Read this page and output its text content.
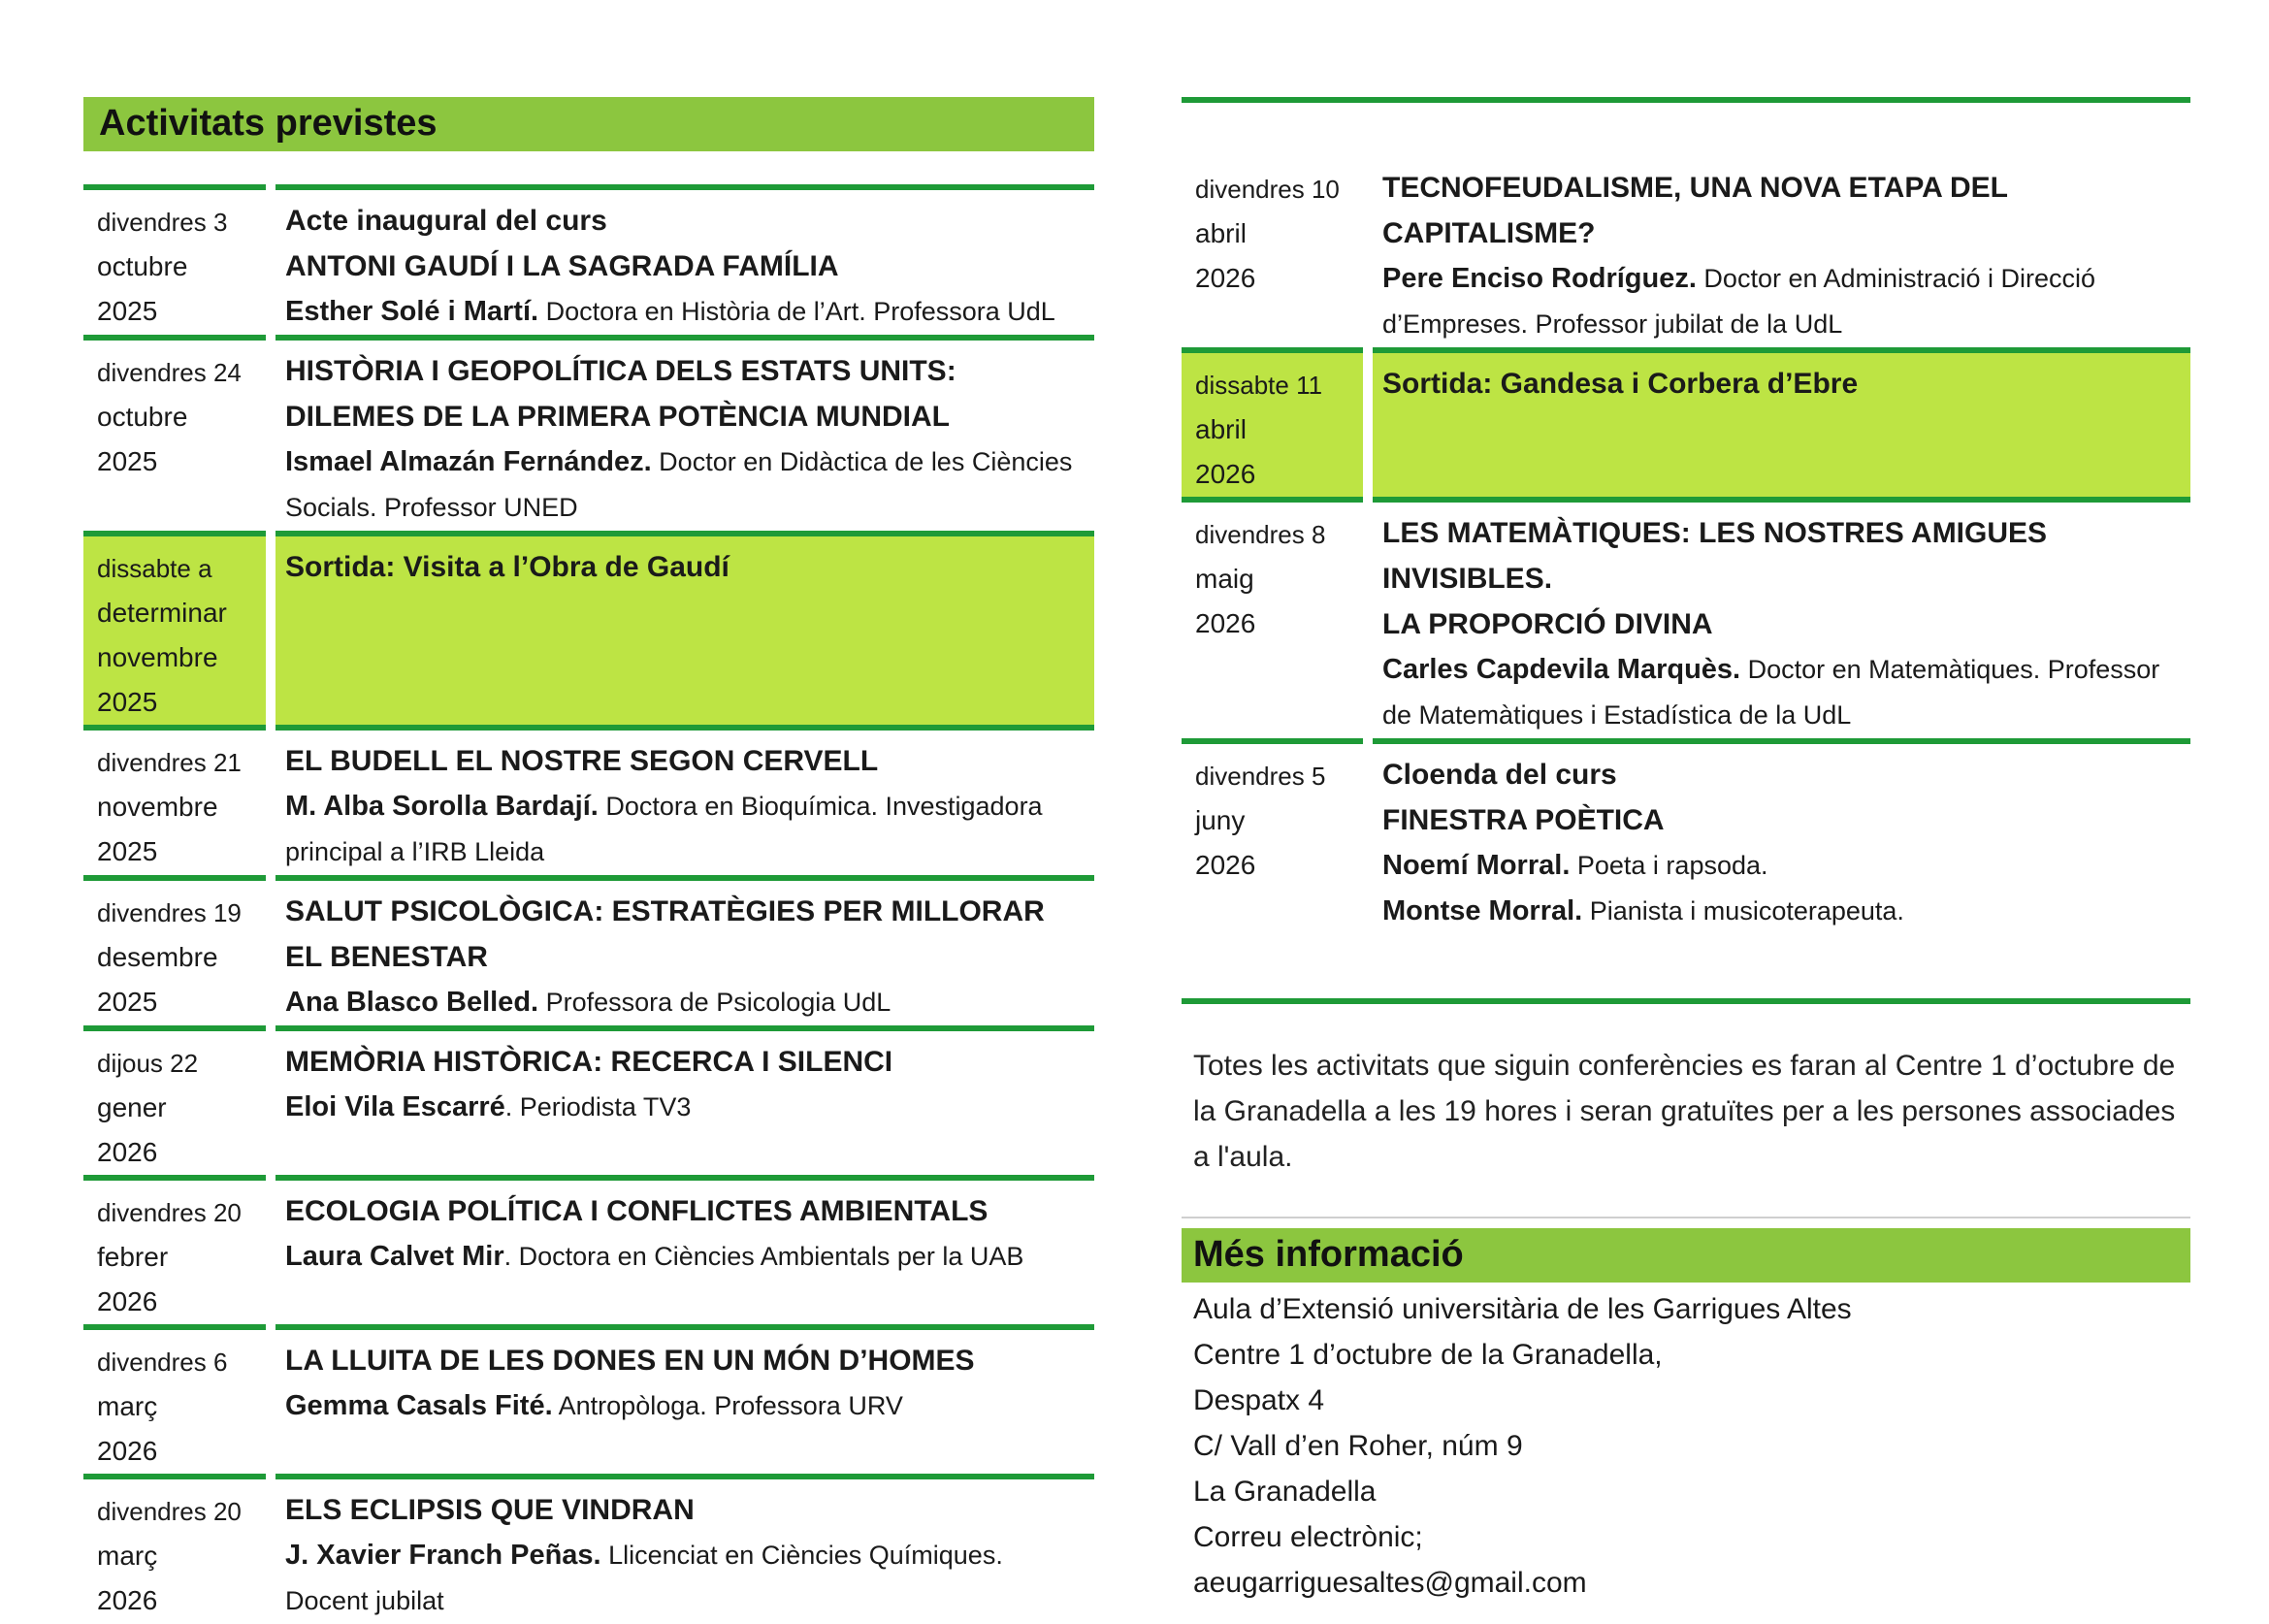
Activitats previstes
divendres 3
octubre
2025
Acte inaugural del curs
ANTONI GAUDÍ I LA SAGRADA FAMÍLIA
Esther Solé i Martí. Doctora en Història de l’Art. Professora UdL
divendres 24
octubre
2025
HISTÒRIA I GEOPOLÍTICA DELS ESTATS UNITS: DILEMES DE LA PRIMERA POTÈNCIA MUNDIAL
Ismael Almazán Fernández. Doctor en Didàctica de les Ciències Socials. Professor UNED
dissabte a
determinar
novembre
2025
Sortida: Visita a l’Obra de Gaudí
divendres 21
novembre
2025
EL BUDELL EL NOSTRE SEGON CERVELL
M. Alba Sorolla Bardají. Doctora en Bioquímica. Investigadora principal a l’IRB Lleida
divendres 19
desembre
2025
SALUT PSICOLÒGICA: ESTRATÈGIES PER MILLORAR EL BENESTAR
Ana Blasco Belled. Professora de Psicologia UdL
dijous 22
gener
2026
MEMÒRIA HISTÒRICA: RECERCA I SILENCI
Eloi Vila Escarré. Periodista TV3
divendres 20
febrer
2026
ECOLOGIA POLÍTICA I CONFLICTES AMBIENTALS
Laura Calvet Mir. Doctora en Ciències Ambientals per la UAB
divendres 6
març
2026
LA LLUITA DE LES DONES EN UN MÓN D’HOMES
Gemma Casals Fité. Antropòloga. Professora URV
divendres 20
març
2026
ELS ECLIPSIS QUE VINDRAN
J. Xavier Franch Peñas. Llicenciat en Ciències Químiques. Docent jubilat
divendres 10
abril
2026
TECNOFEUDALISME, UNA NOVA ETAPA DEL CAPITALISME?
Pere Enciso Rodríguez. Doctor en Administració i Direcció d’Empreses. Professor jubilat de la UdL
dissabte 11
abril
2026
Sortida: Gandesa i Corbera d’Ebre
divendres 8
maig
2026
LES MATEMÀTIQUES: LES NOSTRES AMIGUES INVISIBLES.
LA PROPORCIÓ DIVINA
Carles Capdevila Marquès. Doctor en Matemàtiques. Professor de Matemàtiques i Estadística de la UdL
divendres 5
juny
2026
Cloenda del curs
FINESTRA POÈTICA
Noemí Morral. Poeta i rapsoda.
Montse Morral. Pianista i musicoterapeuta.
Totes les activitats que siguin conferències es faran al Centre 1 d’octubre de la Granadella a les 19 hores i seran gratuïtes per a les persones associades a l'aula.
Més informació
Aula d’Extensió universitària de les Garrigues Altes
Centre 1 d’octubre de la Granadella,
Despatx 4
C/ Vall d’en Roher, núm 9
La Granadella
Correu electrònic;
aeugarriguesaltes@gmail.com
